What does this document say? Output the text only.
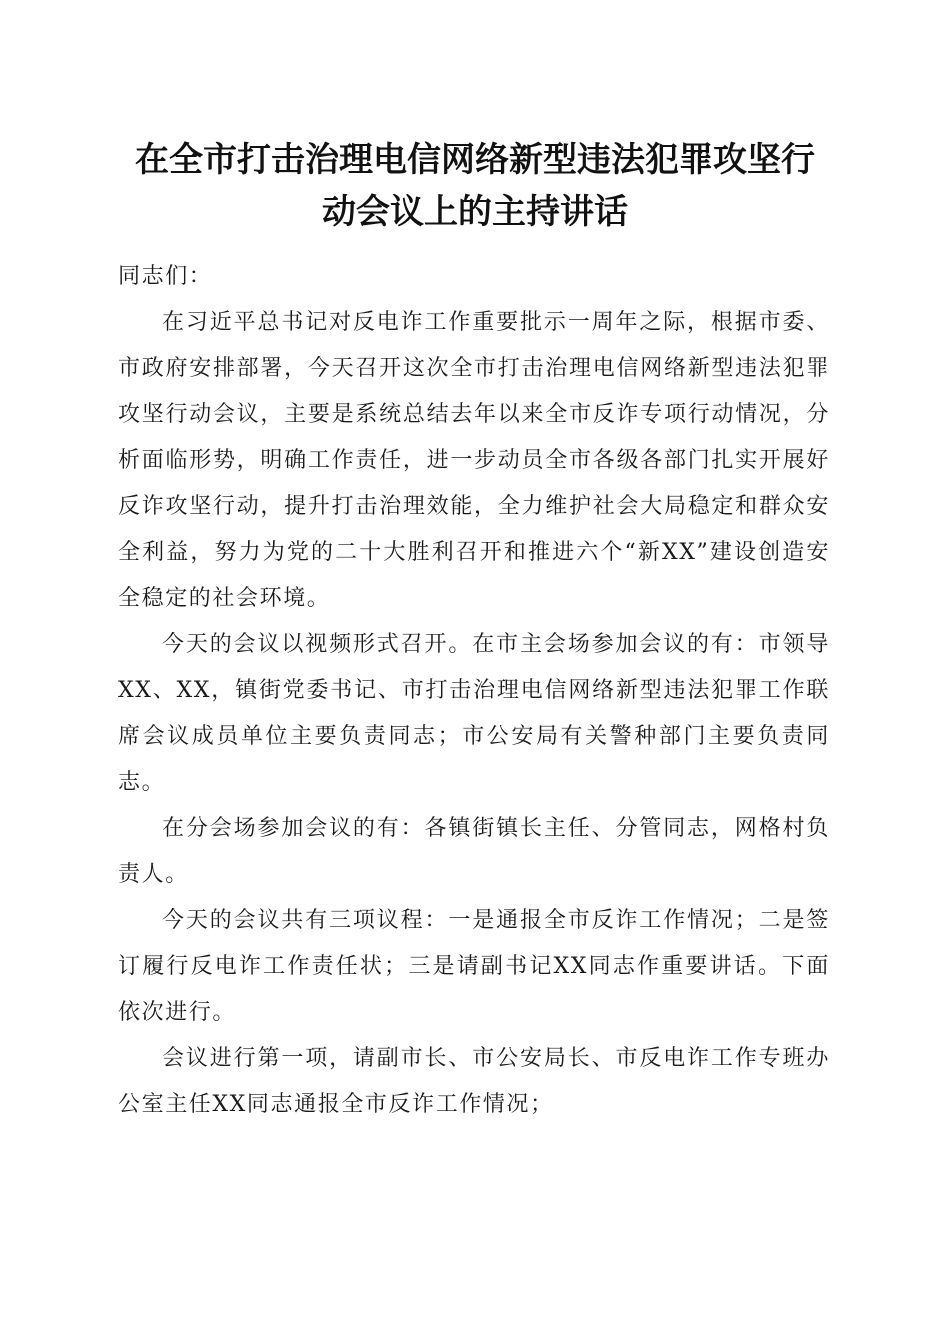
在全市打击治理电信网络新型违法犯罪攻坚行
动会议上的主持讲话

同志们：

在习近平总书记对反电诈工作重要批示一周年之际，根据市委、市政府安排部署，今天召开这次全市打击治理电信网络新型违法犯罪攻坚行动会议，主要是系统总结去年以来全市反诈专项行动情况，分析面临形势，明确工作责任，进一步动员全市各级各部门扎实开展好反诈攻坚行动，提升打击治理效能，全力维护社会大局稳定和群众安全利益，努力为党的二十大胜利召开和推进六个“新XX”建设创造安全稳定的社会环境。

今天的会议以视频形式召开。在市主会场参加会议的有：市领导XX、XX，镇街党委书记、市打击治理电信网络新型违法犯罪工作联席会议成员单位主要负责同志；市公安局有关警种部门主要负责同志。

在分会场参加会议的有：各镇街镇长主任、分管同志，网格村负责人。

今天的会议共有三项议程：一是通报全市反诈工作情况；二是签订履行反电诈工作责任状；三是请副书记XX同志作重要讲话。下面依次进行。

会议进行第一项，请副市长、市公安局长、市反电诈工作专班办公室主任XX同志通报全市反诈工作情况；
